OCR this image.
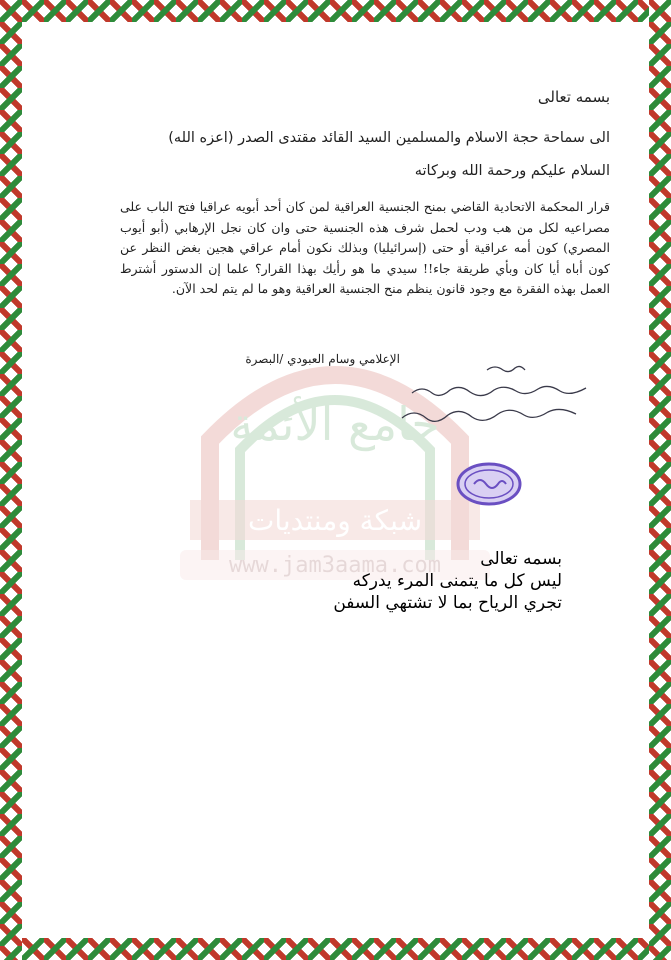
جامع الأئمة
شبكة ومنتديات
www.jam3aama.com
بسمه تعالى
الى سماحة حجة الاسلام والمسلمين السيد القائد مقتدى الصدر (اعزه الله)
السلام عليكم ورحمة الله وبركاته
قرار المحكمة الاتحادية القاضي بمنح الجنسية العراقية لمن كان أحد أبويه عراقيا فتح الباب على مصراعيه لكل من هب ودب لحمل شرف هذه الجنسية حتى وان كان نجل الإرهابي (أبو أيوب المصري) كون أمه عراقية أو حتى (إسرائيليا) وبذلك نكون أمام عراقي هجين بغض النظر عن كون أباه أيا كان وبأي طريقة جاء!! سيدي ما هو رأيك بهذا القرار؟ علما إن الدستور أشترط العمل بهذه الفقرة مع وجود قانون ينظم منح الجنسية العراقية وهو ما لم يتم لحد الآن.
الإعلامي وسام العبودي /البصرة
بسمه تعالى
ليس كل ما يتمنى المرء يدركه
تجري الرياح بما لا تشتهي السفن
